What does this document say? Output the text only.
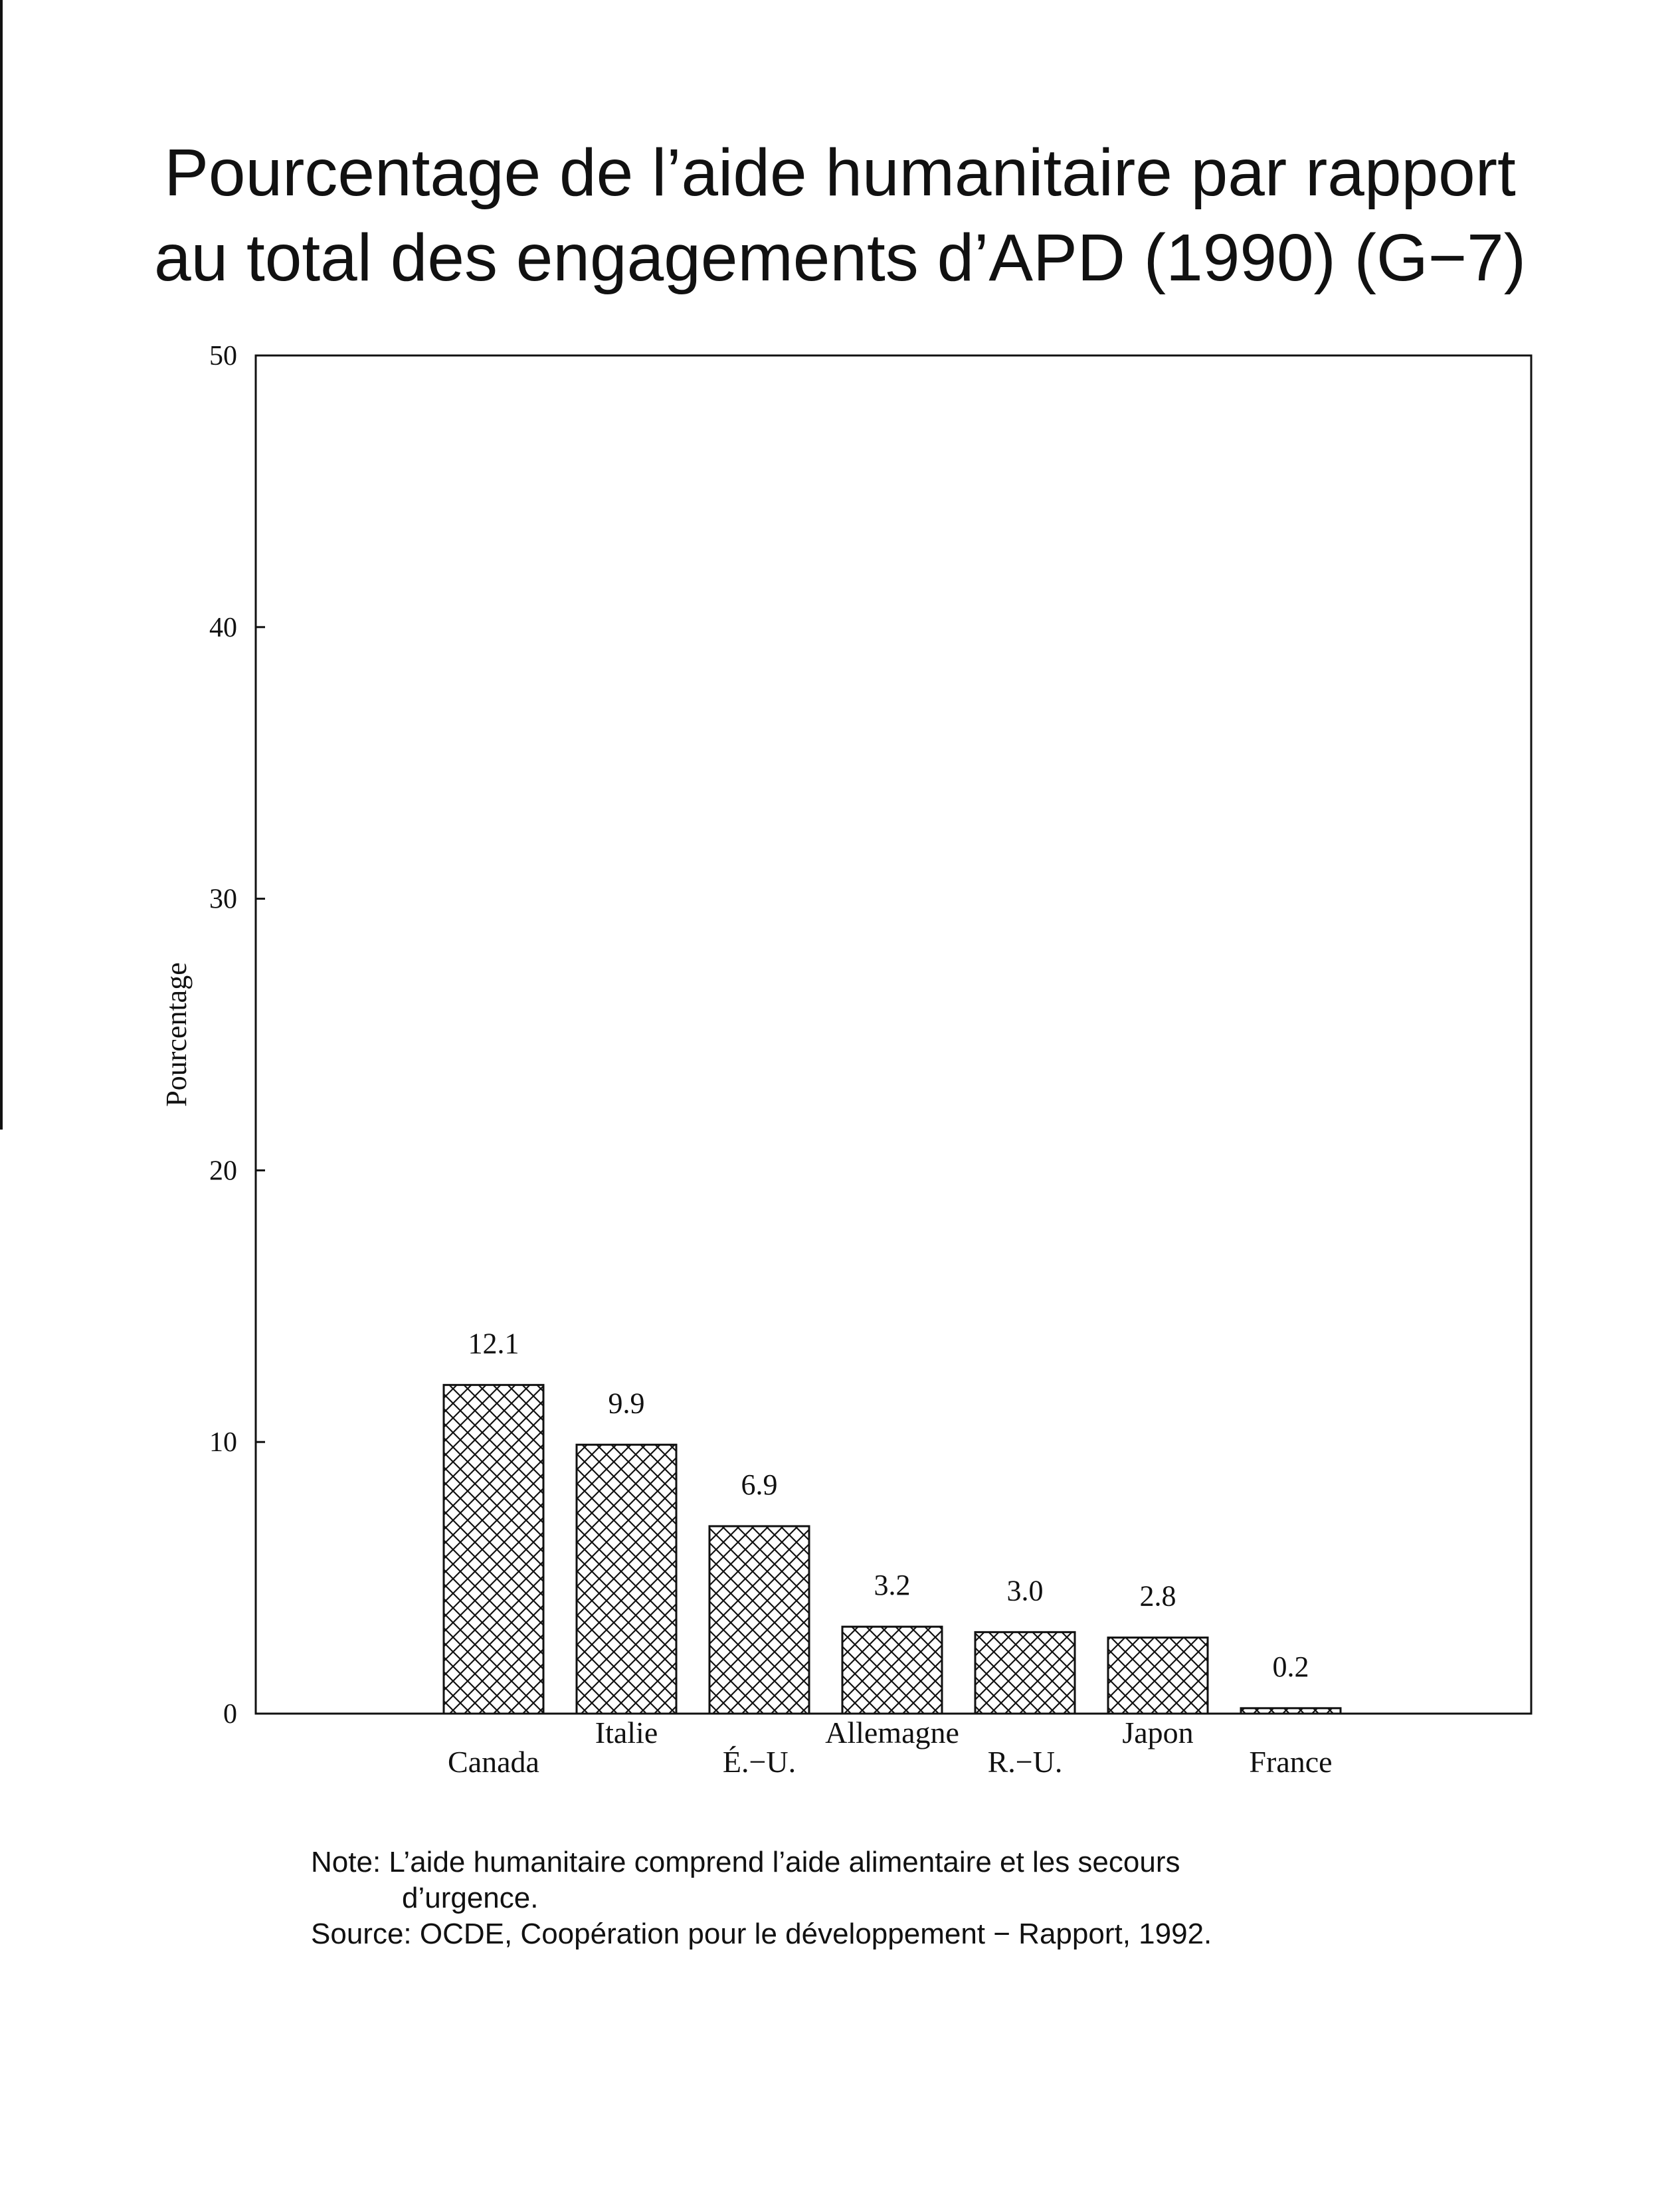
Pourcentage de l’aide humanitaire par rapport
au total des engagements d’APD (1990) (G−7)
0
10
20
30
40
50
12.1
9.9
6.9
3.2	3.0	2.8
0.2
Canada
Italie
É.−U.
Allemagne
R.−U.
Japon
France
Pourcentage
Note: L’aide humanitaire comprend l’aide alimentaire et les secours
d’urgence.
Source: OCDE, Coopération pour le développement − Rapport, 1992.
